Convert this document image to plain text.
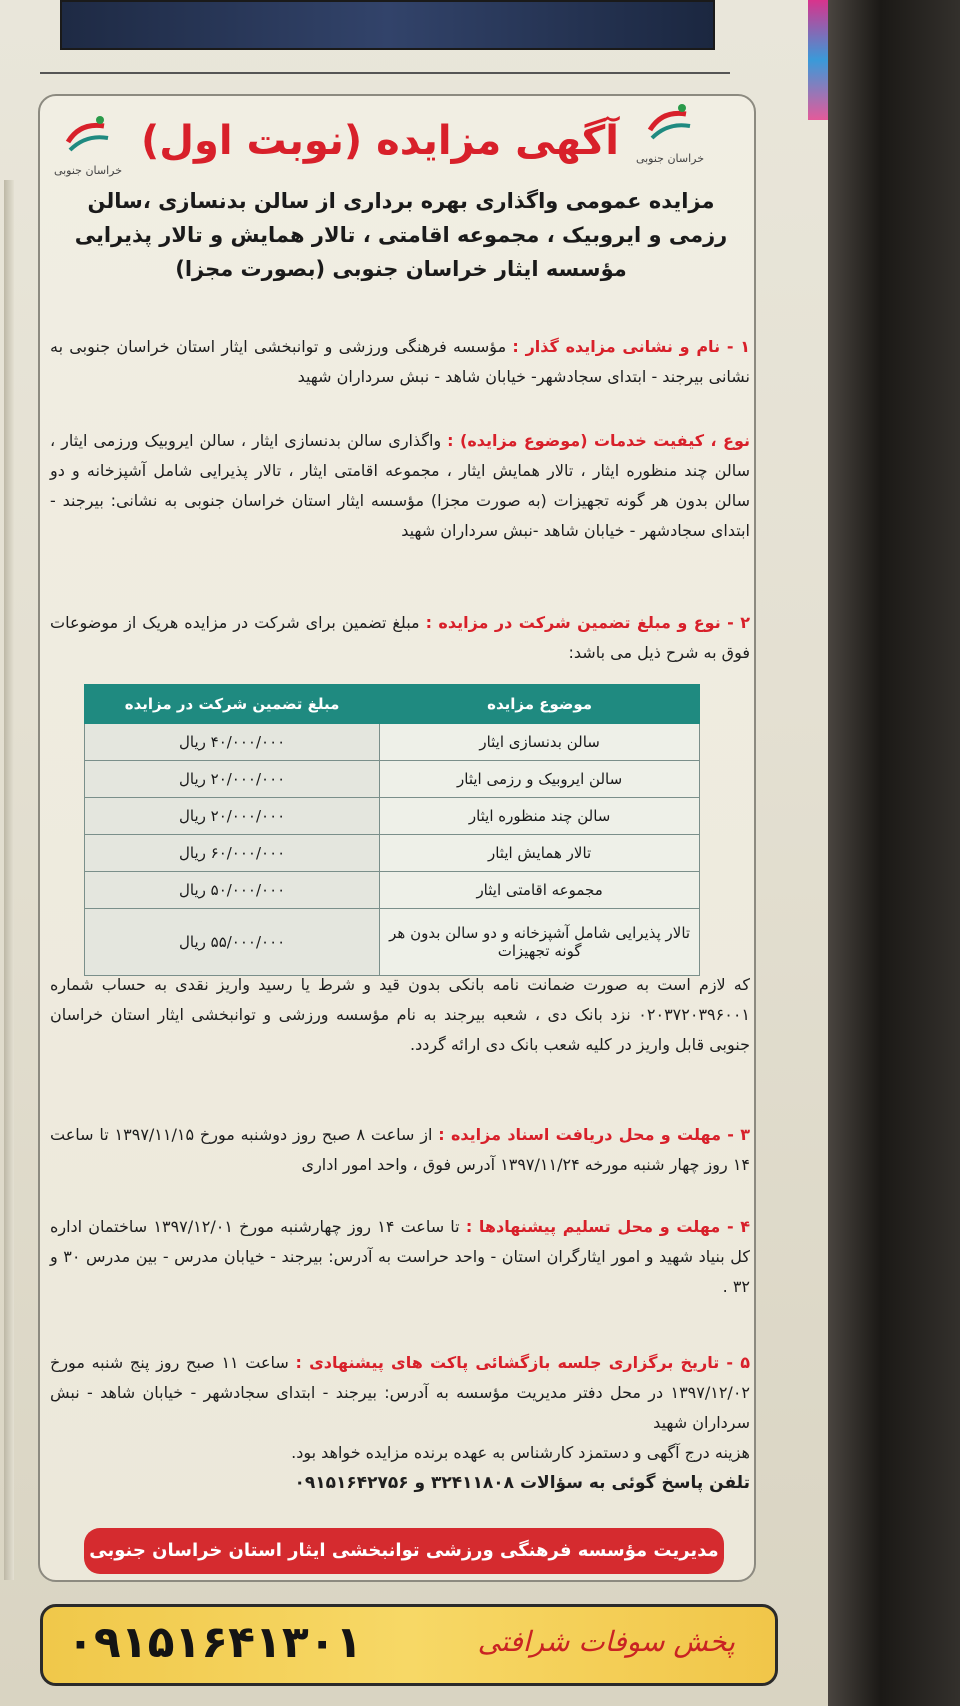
خراسان جنوبی
خراسان جنوبی
آگهی مزایده (نوبت اول)
مزایده عمومی واگذاری بهره برداری از سالن بدنسازی ،سالن رزمی و ایروبیک ، مجموعه اقامتی ، تالار همایش و تالار پذیرایی مؤسسه ایثار خراسان جنوبی (بصورت مجزا)
۱ - نام و نشانی مزایده گذار : مؤسسه فرهنگی ورزشی و توانبخشی ایثار استان خراسان جنوبی به نشانی بیرجند - ابتدای سجادشهر- خیابان شاهد - نبش سرداران شهید
نوع ، کیفیت خدمات (موضوع مزایده) : واگذاری سالن بدنسازی ایثار ، سالن ایروبیک ورزمی ایثار ، سالن چند منظوره ایثار ، تالار همایش ایثار ، مجموعه اقامتی ایثار ، تالار پذیرایی شامل آشپزخانه و دو سالن بدون هر گونه تجهیزات (به صورت مجزا) مؤسسه ایثار استان خراسان جنوبی به نشانی: بیرجند - ابتدای سجادشهر - خیابان شاهد -نبش سرداران شهید
۲ - نوع و مبلغ تضمین شرکت در مزایده : مبلغ تضمین برای شرکت در مزایده هریک از موضوعات فوق به شرح ذیل می باشد:
موضوع مزایده	مبلغ تضمین شرکت در مزایده
سالن بدنسازی ایثار	۴۰/۰۰۰/۰۰۰ ریال
سالن ایروبیک و رزمی ایثار	۲۰/۰۰۰/۰۰۰ ریال
سالن چند منظوره ایثار	۲۰/۰۰۰/۰۰۰ ریال
تالار همایش ایثار	۶۰/۰۰۰/۰۰۰ ریال
مجموعه اقامتی ایثار	۵۰/۰۰۰/۰۰۰ ریال
تالار پذیرایی شامل آشپزخانه و دو سالن بدون هر گونه تجهیزات	۵۵/۰۰۰/۰۰۰ ریال
که لازم است به صورت ضمانت نامه بانکی بدون قید و شرط یا رسید واریز نقدی به حساب شماره ۰۲۰۳۷۲۰۳۹۶۰۰۱ نزد بانک دی ، شعبه بیرجند به نام مؤسسه ورزشی و توانبخشی ایثار استان خراسان جنوبی قابل واریز در کلیه شعب بانک دی ارائه گردد.
۳ - مهلت و محل دریافت اسناد مزایده : از ساعت ۸ صبح روز دوشنبه مورخ ۱۳۹۷/۱۱/۱۵ تا ساعت ۱۴ روز چهار شنبه مورخه ۱۳۹۷/۱۱/۲۴ آدرس فوق ، واحد امور اداری
۴ - مهلت و محل تسلیم پیشنهادها : تا ساعت ۱۴ روز چهارشنبه مورخ ۱۳۹۷/۱۲/۰۱ ساختمان اداره کل بنیاد شهید و امور ایثارگران استان - واحد حراست به آدرس: بیرجند - خیابان مدرس - بین مدرس ۳۰ و ۳۲ .
۵ - تاریخ برگزاری جلسه بازگشائی پاکت های پیشنهادی : ساعت ۱۱ صبح روز پنج شنبه مورخ ۱۳۹۷/۱۲/۰۲ در محل دفتر مدیریت مؤسسه به آدرس: بیرجند - ابتدای سجادشهر - خیابان شاهد - نبش سرداران شهید
هزینه درج آگهی و دستمزد کارشناس به عهده برنده مزایده خواهد بود.
تلفن پاسخ گوئی به سؤالات ۳۲۴۱۱۸۰۸ و ۰۹۱۵۱۶۴۲۷۵۶
مدیریت مؤسسه فرهنگی ورزشی توانبخشی ایثار استان خراسان جنوبی
پخش سوفات شرافتی
۰۹۱۵۱۶۴۱۳۰۱
